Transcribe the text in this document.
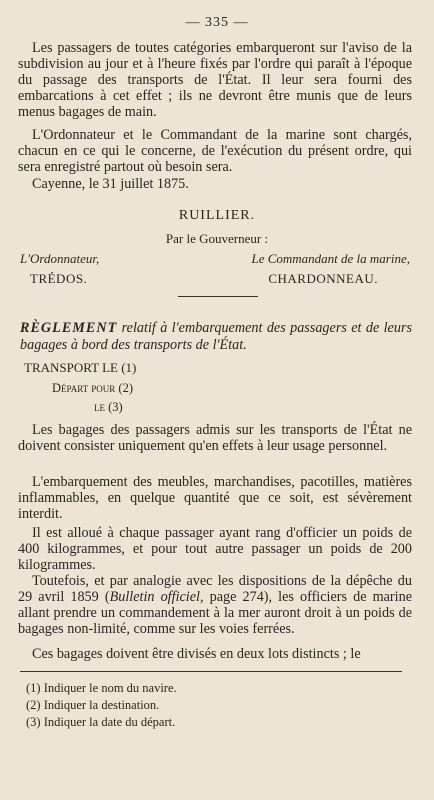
— 335 —

Les passagers de toutes catégories embarqueront sur l'aviso de la subdivision au jour et à l'heure fixés par l'ordre qui paraît à l'époque du passage des transports de l'État. Il leur sera fourni des embarcations à cet effet ; ils ne devront être munis que de leurs menus bagages de main.

L'Ordonnateur et le Commandant de la marine sont chargés, chacun en ce qui le concerne, de l'exécution du présent ordre, qui sera enregistré partout où besoin sera.

Cayenne, le 31 juillet 1875.

RUILLIER.
Par le Gouverneur :
L'Ordonnateur,	Le Commandant de la marine,
TRÉDOS.	CHARDONNEAU.
RÈGLEMENT relatif à l'embarquement des passagers et de leurs bagages à bord des transports de l'État.
TRANSPORT LE (1)
Départ pour (2)
le (3)

Les bagages des passagers admis sur les transports de l'État ne doivent consister uniquement qu'en effets à leur usage personnel.

L'embarquement des meubles, marchandises, pacotilles, matières inflammables, en quelque quantité que ce soit, est sévèrement interdit.

Il est alloué à chaque passager ayant rang d'officier un poids de 400 kilogrammes, et pour tout autre passager un poids de 200 kilogrammes.

Toutefois, et par analogie avec les dispositions de la dépêche du 29 avril 1859 (Bulletin officiel, page 274), les officiers de marine allant prendre un commandement à la mer auront droit à un poids de bagages non-limité, comme sur les voies ferrées.

Ces bagages doivent être divisés en deux lots distincts ; le

(1) Indiquer le nom du navire.
(2) Indiquer la destination.
(3) Indiquer la date du départ.
